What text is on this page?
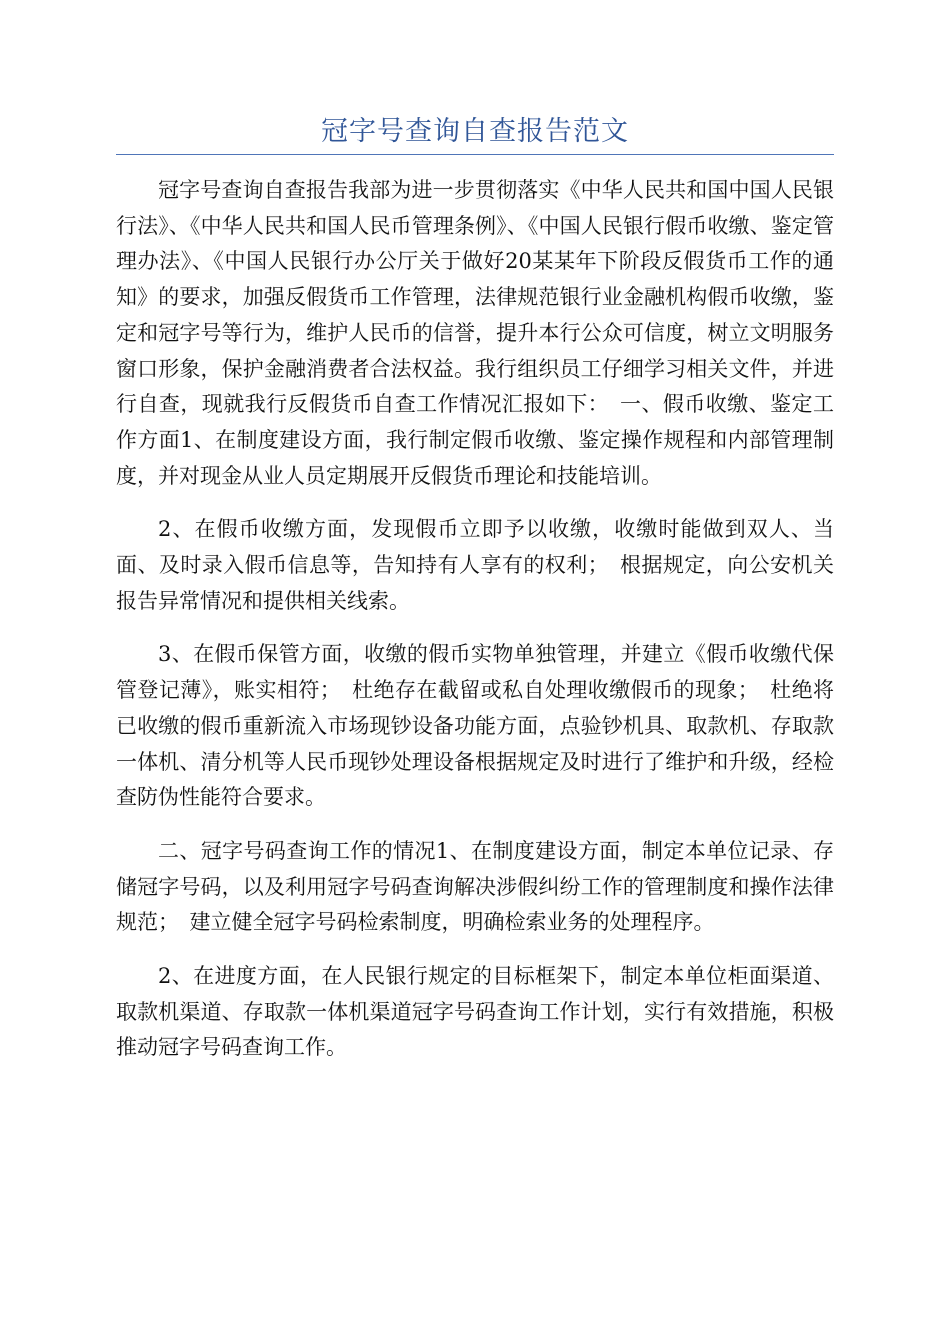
冠字号查询自查报告范文

冠字号查询自查报告我部为进一步贯彻落实《中华人民共和国中国人民银行法》、《中华人民共和国人民币管理条例》、《中国人民银行假币收缴、鉴定管理办法》、《中国人民银行办公厅关于做好20某某年下阶段反假货币工作的通知》的要求，加强反假货币工作管理，法律规范银行业金融机构假币收缴，鉴定和冠字号等行为，维护人民币的信誉，提升本行公众可信度，树立文明服务窗口形象，保护金融消费者合法权益。我行组织员工仔细学习相关文件，并进行自查，现就我行反假货币自查工作情况汇报如下：　一、假币收缴、鉴定工作方面1、在制度建设方面，我行制定假币收缴、鉴定操作规程和内部管理制度，并对现金从业人员定期展开反假货币理论和技能培训。

2、在假币收缴方面，发现假币立即予以收缴，收缴时能做到双人、当面、及时录入假币信息等，告知持有人享有的权利；　根据规定，向公安机关报告异常情况和提供相关线索。

3、在假币保管方面，收缴的假币实物单独管理，并建立《假币收缴代保管登记薄》，账实相符；　杜绝存在截留或私自处理收缴假币的现象；　杜绝将已收缴的假币重新流入市场现钞设备功能方面，点验钞机具、取款机、存取款一体机、清分机等人民币现钞处理设备根据规定及时进行了维护和升级，经检查防伪性能符合要求。

二、冠字号码查询工作的情况1、在制度建设方面，制定本单位记录、存储冠字号码，以及利用冠字号码查询解决涉假纠纷工作的管理制度和操作法律规范；　建立健全冠字号码检索制度，明确检索业务的处理程序。

2、在进度方面，在人民银行规定的目标框架下，制定本单位柜面渠道、取款机渠道、存取款一体机渠道冠字号码查询工作计划，实行有效措施，积极推动冠字号码查询工作。
